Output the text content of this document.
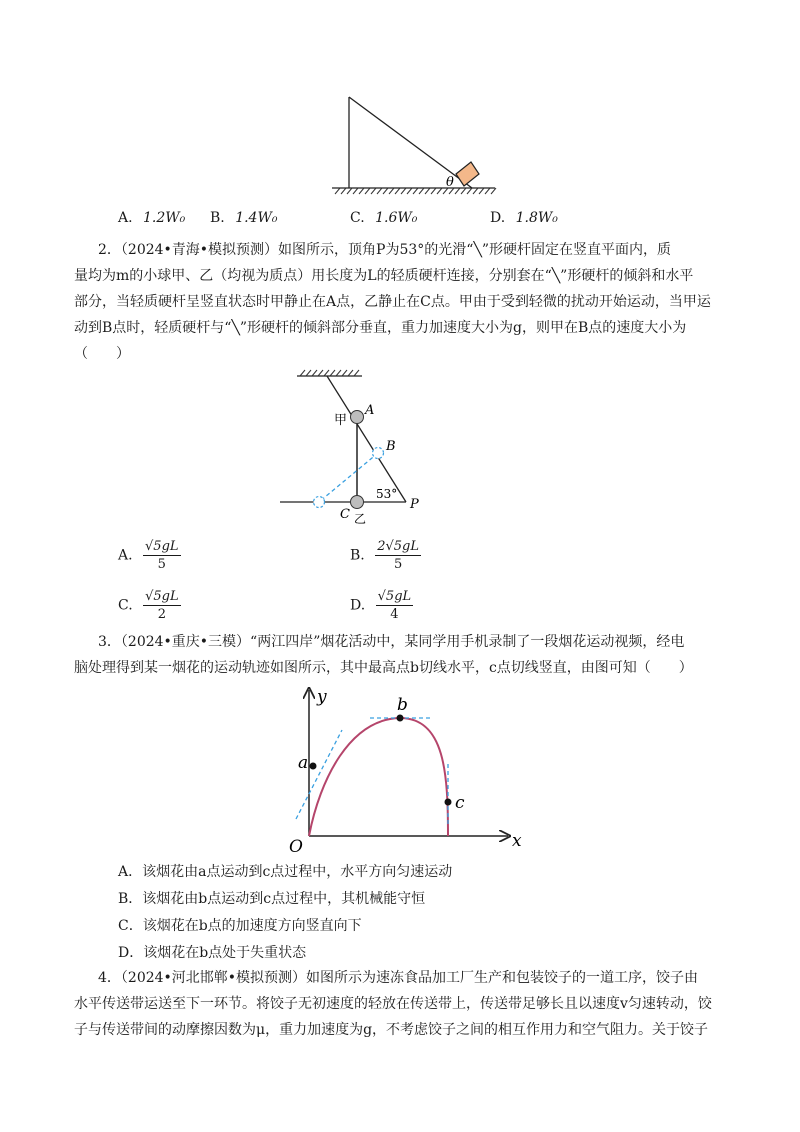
θ
A. 1.2W₀ B. 1.4W₀	C. 1.6W₀	D. 1.8W₀
2．（2024•青海•模拟预测）如图所示，顶角P为53°的光滑“╲”形硬杆固定在竖直平面内，质
量均为m的小球甲、乙（均视为质点）用长度为L的轻质硬杆连接，分别套在“╲”形硬杆的倾斜和水平
部分，当轻质硬杆呈竖直状态时甲静止在A点，乙静止在C点。甲由于受到轻微的扰动开始运动，当甲运
动到B点时，轻质硬杆与“╲”形硬杆的倾斜部分垂直，重力加速度大小为g，则甲在B点的速度大小为
（　　）
甲
A
B
53°
P
C 乙
A. $\frac{√5gL}{5}$	B. $\frac{2√5gL}{5}$
C. $\frac{√5gL}{2}$	D. $\frac{√5gL}{4}$
3．（2024•重庆•三模）“两江四岸”烟花活动中，某同学用手机录制了一段烟花运动视频，经电
脑处理得到某一烟花的运动轨迹如图所示，其中最高点b切线水平，c点切线竖直，由图可知（　　）
y
x
O
a
b
c
A．该烟花由a点运动到c点过程中，水平方向匀速运动
B．该烟花由b点运动到c点过程中，其机械能守恒
C．该烟花在b点的加速度方向竖直向下
D．该烟花在b点处于失重状态
4．（2024•河北邯郸•模拟预测）如图所示为速冻食品加工厂生产和包装饺子的一道工序，饺子由
水平传送带运送至下一环节。将饺子无初速度的轻放在传送带上，传送带足够长且以速度v匀速转动，饺
子与传送带间的动摩擦因数为μ，重力加速度为g，不考虑饺子之间的相互作用力和空气阻力。关于饺子
